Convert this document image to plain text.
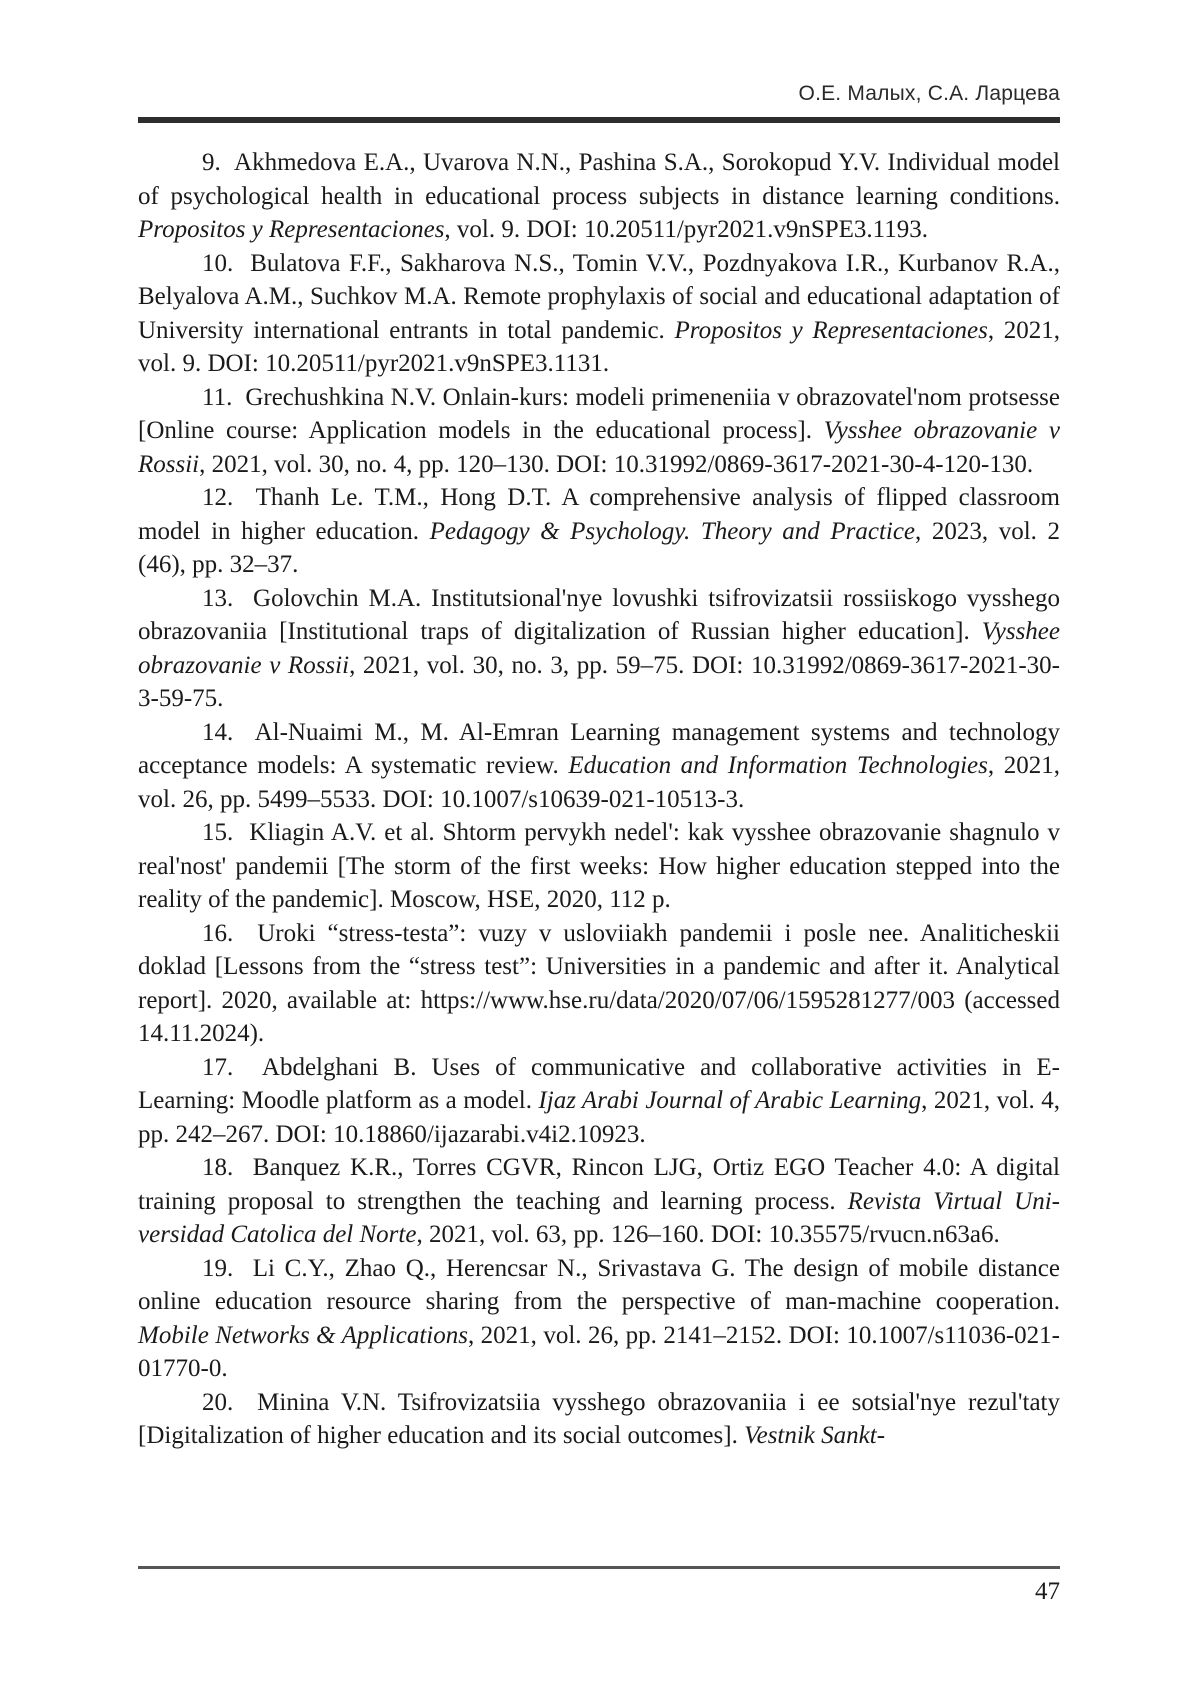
О.Е. Малых, С.А. Ларцева

9.  Akhmedova E.A., Uvarova N.N., Pashina S.A., Sorokopud Y.V. Individual model of psychological health in educational process subjects in distance learning conditions. Propositos y Representaciones, vol. 9. DOI: 10.20511/pyr2021.​v9nSPE3.1193.

10.  Bulatova F.F., Sakharova N.S., Tomin V.V., Pozdnyakova I.R., Kurbanov R.A., Belyalova A.M., Suchkov M.A. Remote prophylaxis of social and educational adaptation of University international entrants in total pandemic. Propositos y Representaciones, 2021, vol. 9. DOI: 10.20511/pyr2021.v9nSPE3.1131.

11.  Grechushkina N.V. Onlain-kurs: modeli primeneniia v obrazovatel'nom protsesse [Online course: Application models in the educational process]. Vysshee obrazovanie v Rossii, 2021, vol. 30, no. 4, pp. 120–130. DOI: 10.31992/0869-3617-2021-30-4-120-130.

12.  Thanh Le. T.M., Hong D.T. A comprehensive analysis of flipped classroom model in higher education. Pedagogy & Psychology. Theory and Practice, 2023, vol. 2 (46), pp. 32–37.

13.  Golovchin M.A. Institutsional'nye lovushki tsifrovizatsii rossiiskogo vysshego obrazovaniia [Institutional traps of digitalization of Russian higher education]. Vysshee obrazovanie v Rossii, 2021, vol. 30, no. 3, pp. 59–75. DOI: 10.31992/0869-3617-2021-30-3-59-75.

14.  Al-Nuaimi M., M. Al-Emran Learning management systems and technology acceptance models: A systematic review. Education and Information Technologies, 2021, vol. 26, pp. 5499–5533. DOI: 10.1007/s10639-021-10513-3.

15.  Kliagin A.V. et al. Shtorm pervykh nedel': kak vysshee obrazovanie shagnulo v real'nost' pandemii [The storm of the first weeks: How higher education stepped into the reality of the pandemic]. Moscow, HSE, 2020, 112 p.

16.  Uroki “stress-testa”: vuzy v usloviiakh pandemii i posle nee. Analiticheskii doklad [Lessons from the “stress test”: Universities in a pandemic and after it. Analytical report]. 2020, available at: https://www.hse.ru/data/2020/07/06/​1595281277/003 (accessed 14.11.2024).

17.  Abdelghani B. Uses of communicative and collaborative activities in E-Learning: Moodle platform as a model. Ijaz Arabi Journal of Arabic Learning, 2021, vol. 4, pp. 242–267. DOI: 10.18860/ijazarabi.v4i2.10923.

18.  Banquez K.R., Torres CGVR, Rincon LJG, Ortiz EGO Teacher 4.0: A digital training proposal to strengthen the teaching and learning process. Revista Virtual Universidad Catolica del Norte, 2021, vol. 63, pp. 126–160. DOI: 10.35575/rvucn.n63a6.

19.  Li C.Y., Zhao Q., Herencsar N., Srivastava G. The design of mobile distance online education resource sharing from the perspective of man-machine cooperation. Mobile Networks & Applications, 2021, vol. 26, pp. 2141–2152. DOI: 10.1007/s11036-021-01770-0.

20.  Minina V.N. Tsifrovizatsiia vysshego obrazovaniia i ee sotsial'nye rezul'taty [Digitalization of higher education and its social outcomes]. Vestnik Sankt-

47
